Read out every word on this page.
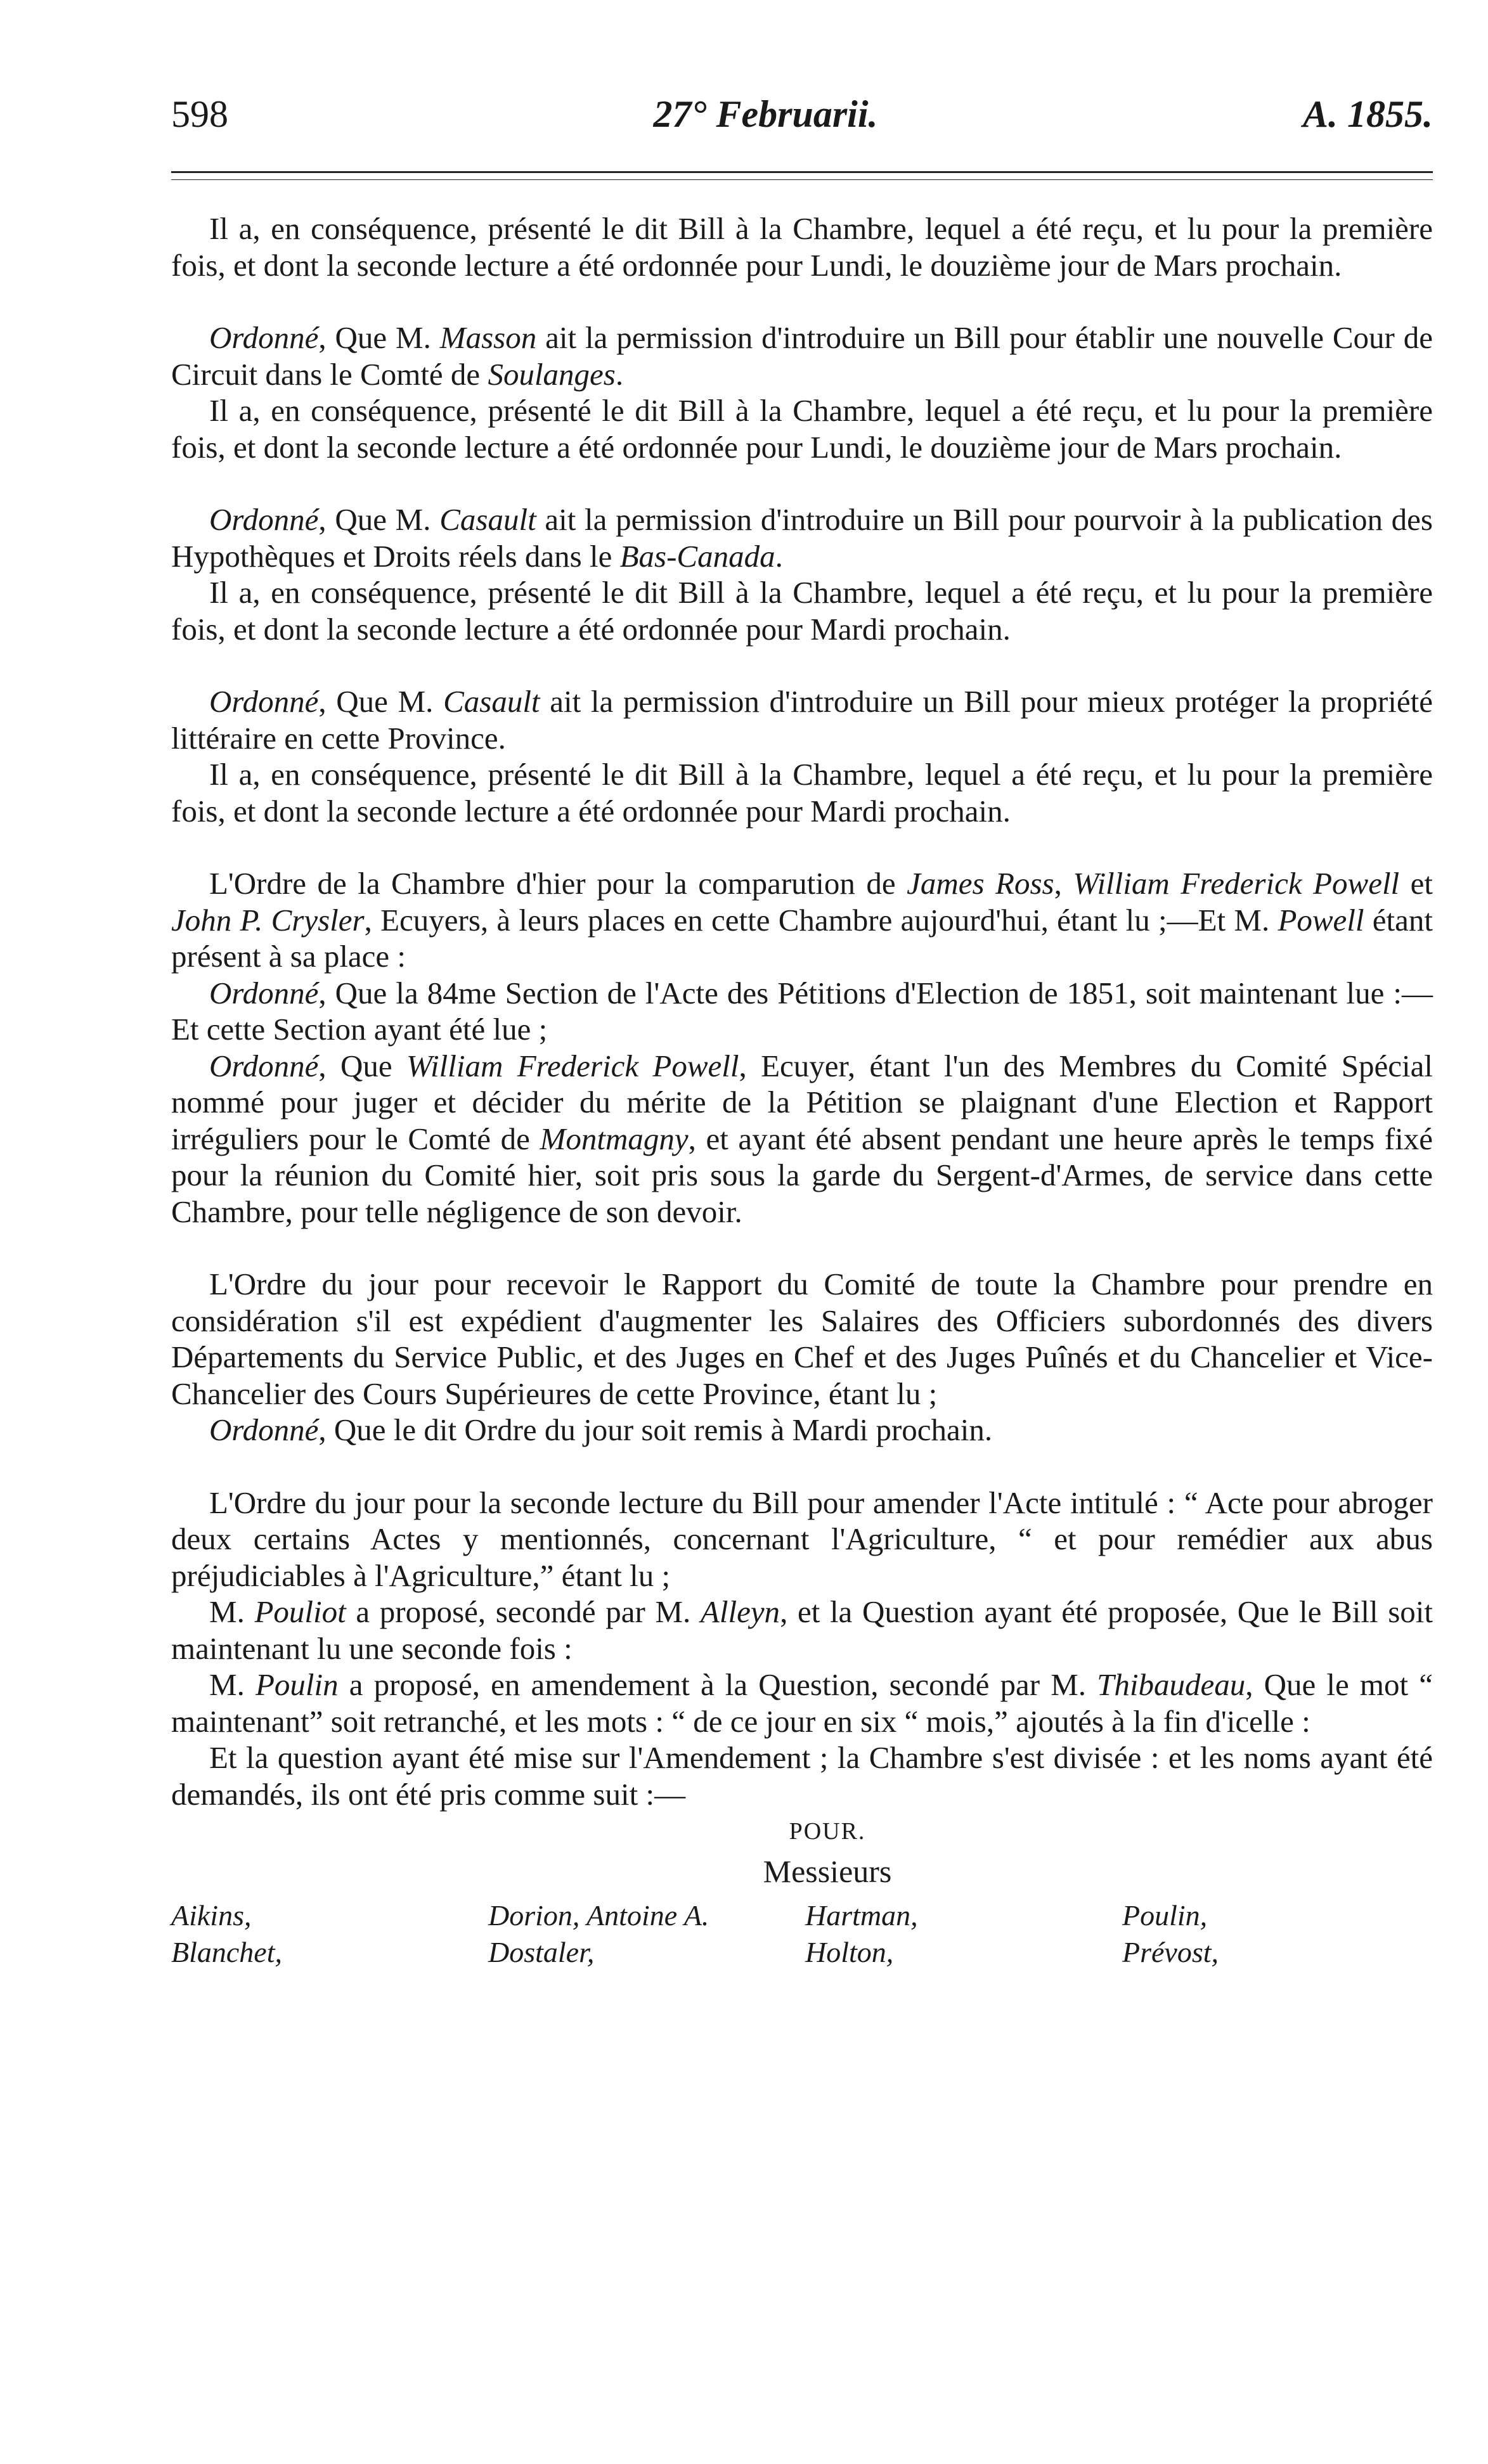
598	27° Februarii.	A. 1855.

Il a, en conséquence, présenté le dit Bill à la Chambre, lequel a été reçu, et lu pour la première fois, et dont la seconde lecture a été ordonnée pour Lundi, le douzième jour de Mars prochain.

Ordonné, Que M. Masson ait la permission d'introduire un Bill pour établir une nouvelle Cour de Circuit dans le Comté de Soulanges.

Il a, en conséquence, présenté le dit Bill à la Chambre, lequel a été reçu, et lu pour la première fois, et dont la seconde lecture a été ordonnée pour Lundi, le douzième jour de Mars prochain.

Ordonné, Que M. Casault ait la permission d'introduire un Bill pour pourvoir à la publication des Hypothèques et Droits réels dans le Bas-Canada.

Il a, en conséquence, présenté le dit Bill à la Chambre, lequel a été reçu, et lu pour la première fois, et dont la seconde lecture a été ordonnée pour Mardi prochain.

Ordonné, Que M. Casault ait la permission d'introduire un Bill pour mieux protéger la propriété littéraire en cette Province.

Il a, en conséquence, présenté le dit Bill à la Chambre, lequel a été reçu, et lu pour la première fois, et dont la seconde lecture a été ordonnée pour Mardi prochain.

L'Ordre de la Chambre d'hier pour la comparution de James Ross, William Frederick Powell et John P. Crysler, Ecuyers, à leurs places en cette Chambre aujourd'hui, étant lu ;—Et M. Powell étant présent à sa place :

Ordonné, Que la 84me Section de l'Acte des Pétitions d'Election de 1851, soit maintenant lue :—Et cette Section ayant été lue ;

Ordonné, Que William Frederick Powell, Ecuyer, étant l'un des Membres du Comité Spécial nommé pour juger et décider du mérite de la Pétition se plaignant d'une Election et Rapport irréguliers pour le Comté de Montmagny, et ayant été absent pendant une heure après le temps fixé pour la réunion du Comité hier, soit pris sous la garde du Sergent-d'Armes, de service dans cette Chambre, pour telle négligence de son devoir.

L'Ordre du jour pour recevoir le Rapport du Comité de toute la Chambre pour prendre en considération s'il est expédient d'augmenter les Salaires des Officiers subordonnés des divers Départements du Service Public, et des Juges en Chef et des Juges Puînés et du Chancelier et Vice-Chancelier des Cours Supérieures de cette Province, étant lu ;

Ordonné, Que le dit Ordre du jour soit remis à Mardi prochain.

L'Ordre du jour pour la seconde lecture du Bill pour amender l'Acte intitulé : “ Acte pour abroger deux certains Actes y mentionnés, concernant l'Agriculture, “ et pour remédier aux abus préjudiciables à l'Agriculture,” étant lu ;

M. Pouliot a proposé, secondé par M. Alleyn, et la Question ayant été proposée, Que le Bill soit maintenant lu une seconde fois :

M. Poulin a proposé, en amendement à la Question, secondé par M. Thibaudeau, Que le mot “ maintenant” soit retranché, et les mots : “ de ce jour en six “ mois,” ajoutés à la fin d'icelle :

Et la question ayant été mise sur l'Amendement ; la Chambre s'est divisée : et les noms ayant été demandés, ils ont été pris comme suit :—

POUR.
Messieurs
Aikins,
Blanchet,
Dorion, Antoine A.
Dostaler,
Hartman,
Holton,
Poulin,
Prévost,
